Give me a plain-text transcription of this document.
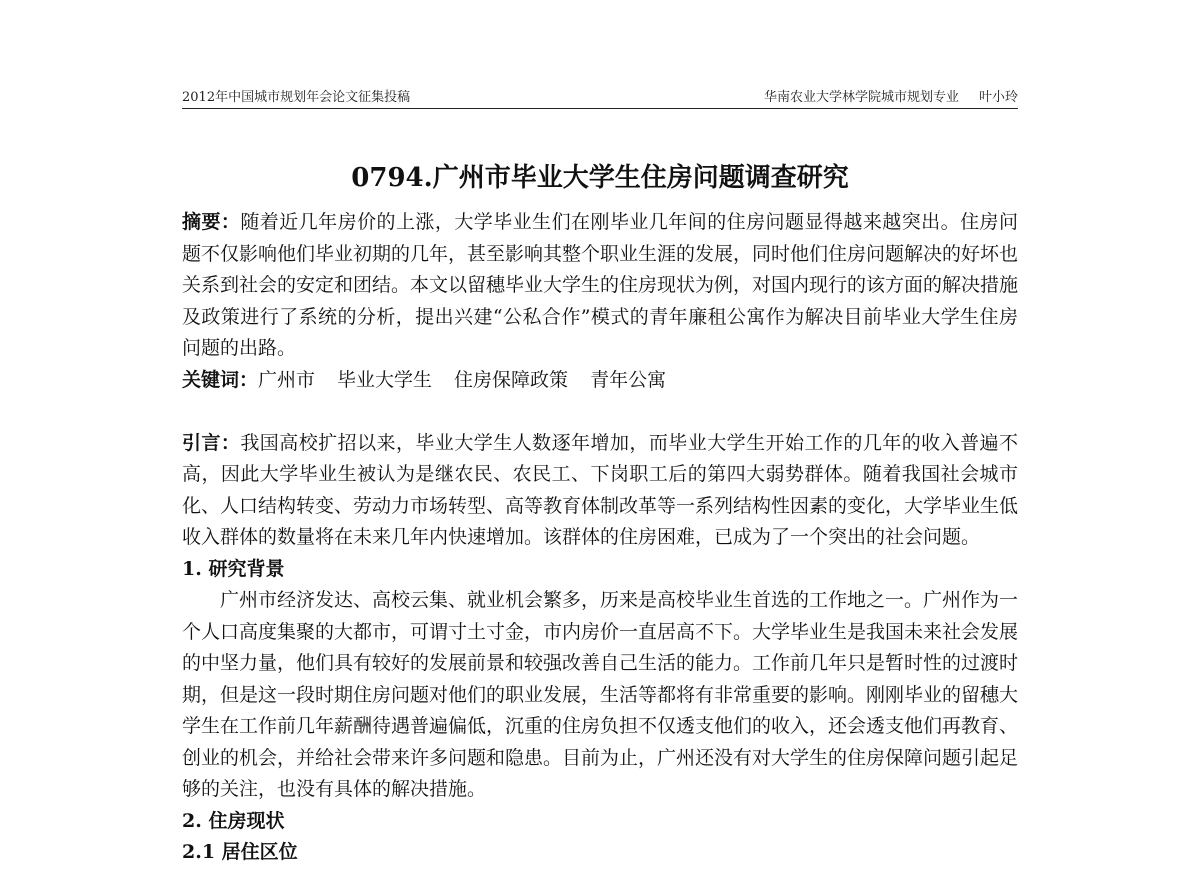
2012年中国城市规划年会论文征集投稿	华南农业大学林学院城市规划专业 叶小玲
0794.广州市毕业大学生住房问题调查研究

摘要：随着近几年房价的上涨，大学毕业生们在刚毕业几年间的住房问题显得越来越突出。住房问题不仅影响他们毕业初期的几年，甚至影响其整个职业生涯的发展，同时他们住房问题解决的好坏也关系到社会的安定和团结。本文以留穗毕业大学生的住房现状为例，对国内现行的该方面的解决措施及政策进行了系统的分析，提出兴建“公私合作”模式的青年廉租公寓作为解决目前毕业大学生住房问题的出路。

关键词：广州市 毕业大学生 住房保障政策 青年公寓

引言：我国高校扩招以来，毕业大学生人数逐年增加，而毕业大学生开始工作的几年的收入普遍不高，因此大学毕业生被认为是继农民、农民工、下岗职工后的第四大弱势群体。随着我国社会城市化、人口结构转变、劳动力市场转型、高等教育体制改革等一系列结构性因素的变化，大学毕业生低收入群体的数量将在未来几年内快速增加。该群体的住房困难，已成为了一个突出的社会问题。

1. 研究背景

广州市经济发达、高校云集、就业机会繁多，历来是高校毕业生首选的工作地之一。广州作为一个人口高度集聚的大都市，可谓寸土寸金，市内房价一直居高不下。大学毕业生是我国未来社会发展的中坚力量，他们具有较好的发展前景和较强改善自己生活的能力。工作前几年只是暂时性的过渡时期，但是这一段时期住房问题对他们的职业发展，生活等都将有非常重要的影响。刚刚毕业的留穗大学生在工作前几年薪酬待遇普遍偏低，沉重的住房负担不仅透支他们的收入，还会透支他们再教育、创业的机会，并给社会带来许多问题和隐患。目前为止，广州还没有对大学生的住房保障问题引起足够的关注，也没有具体的解决措施。

2. 住房现状

2.1 居住区位
